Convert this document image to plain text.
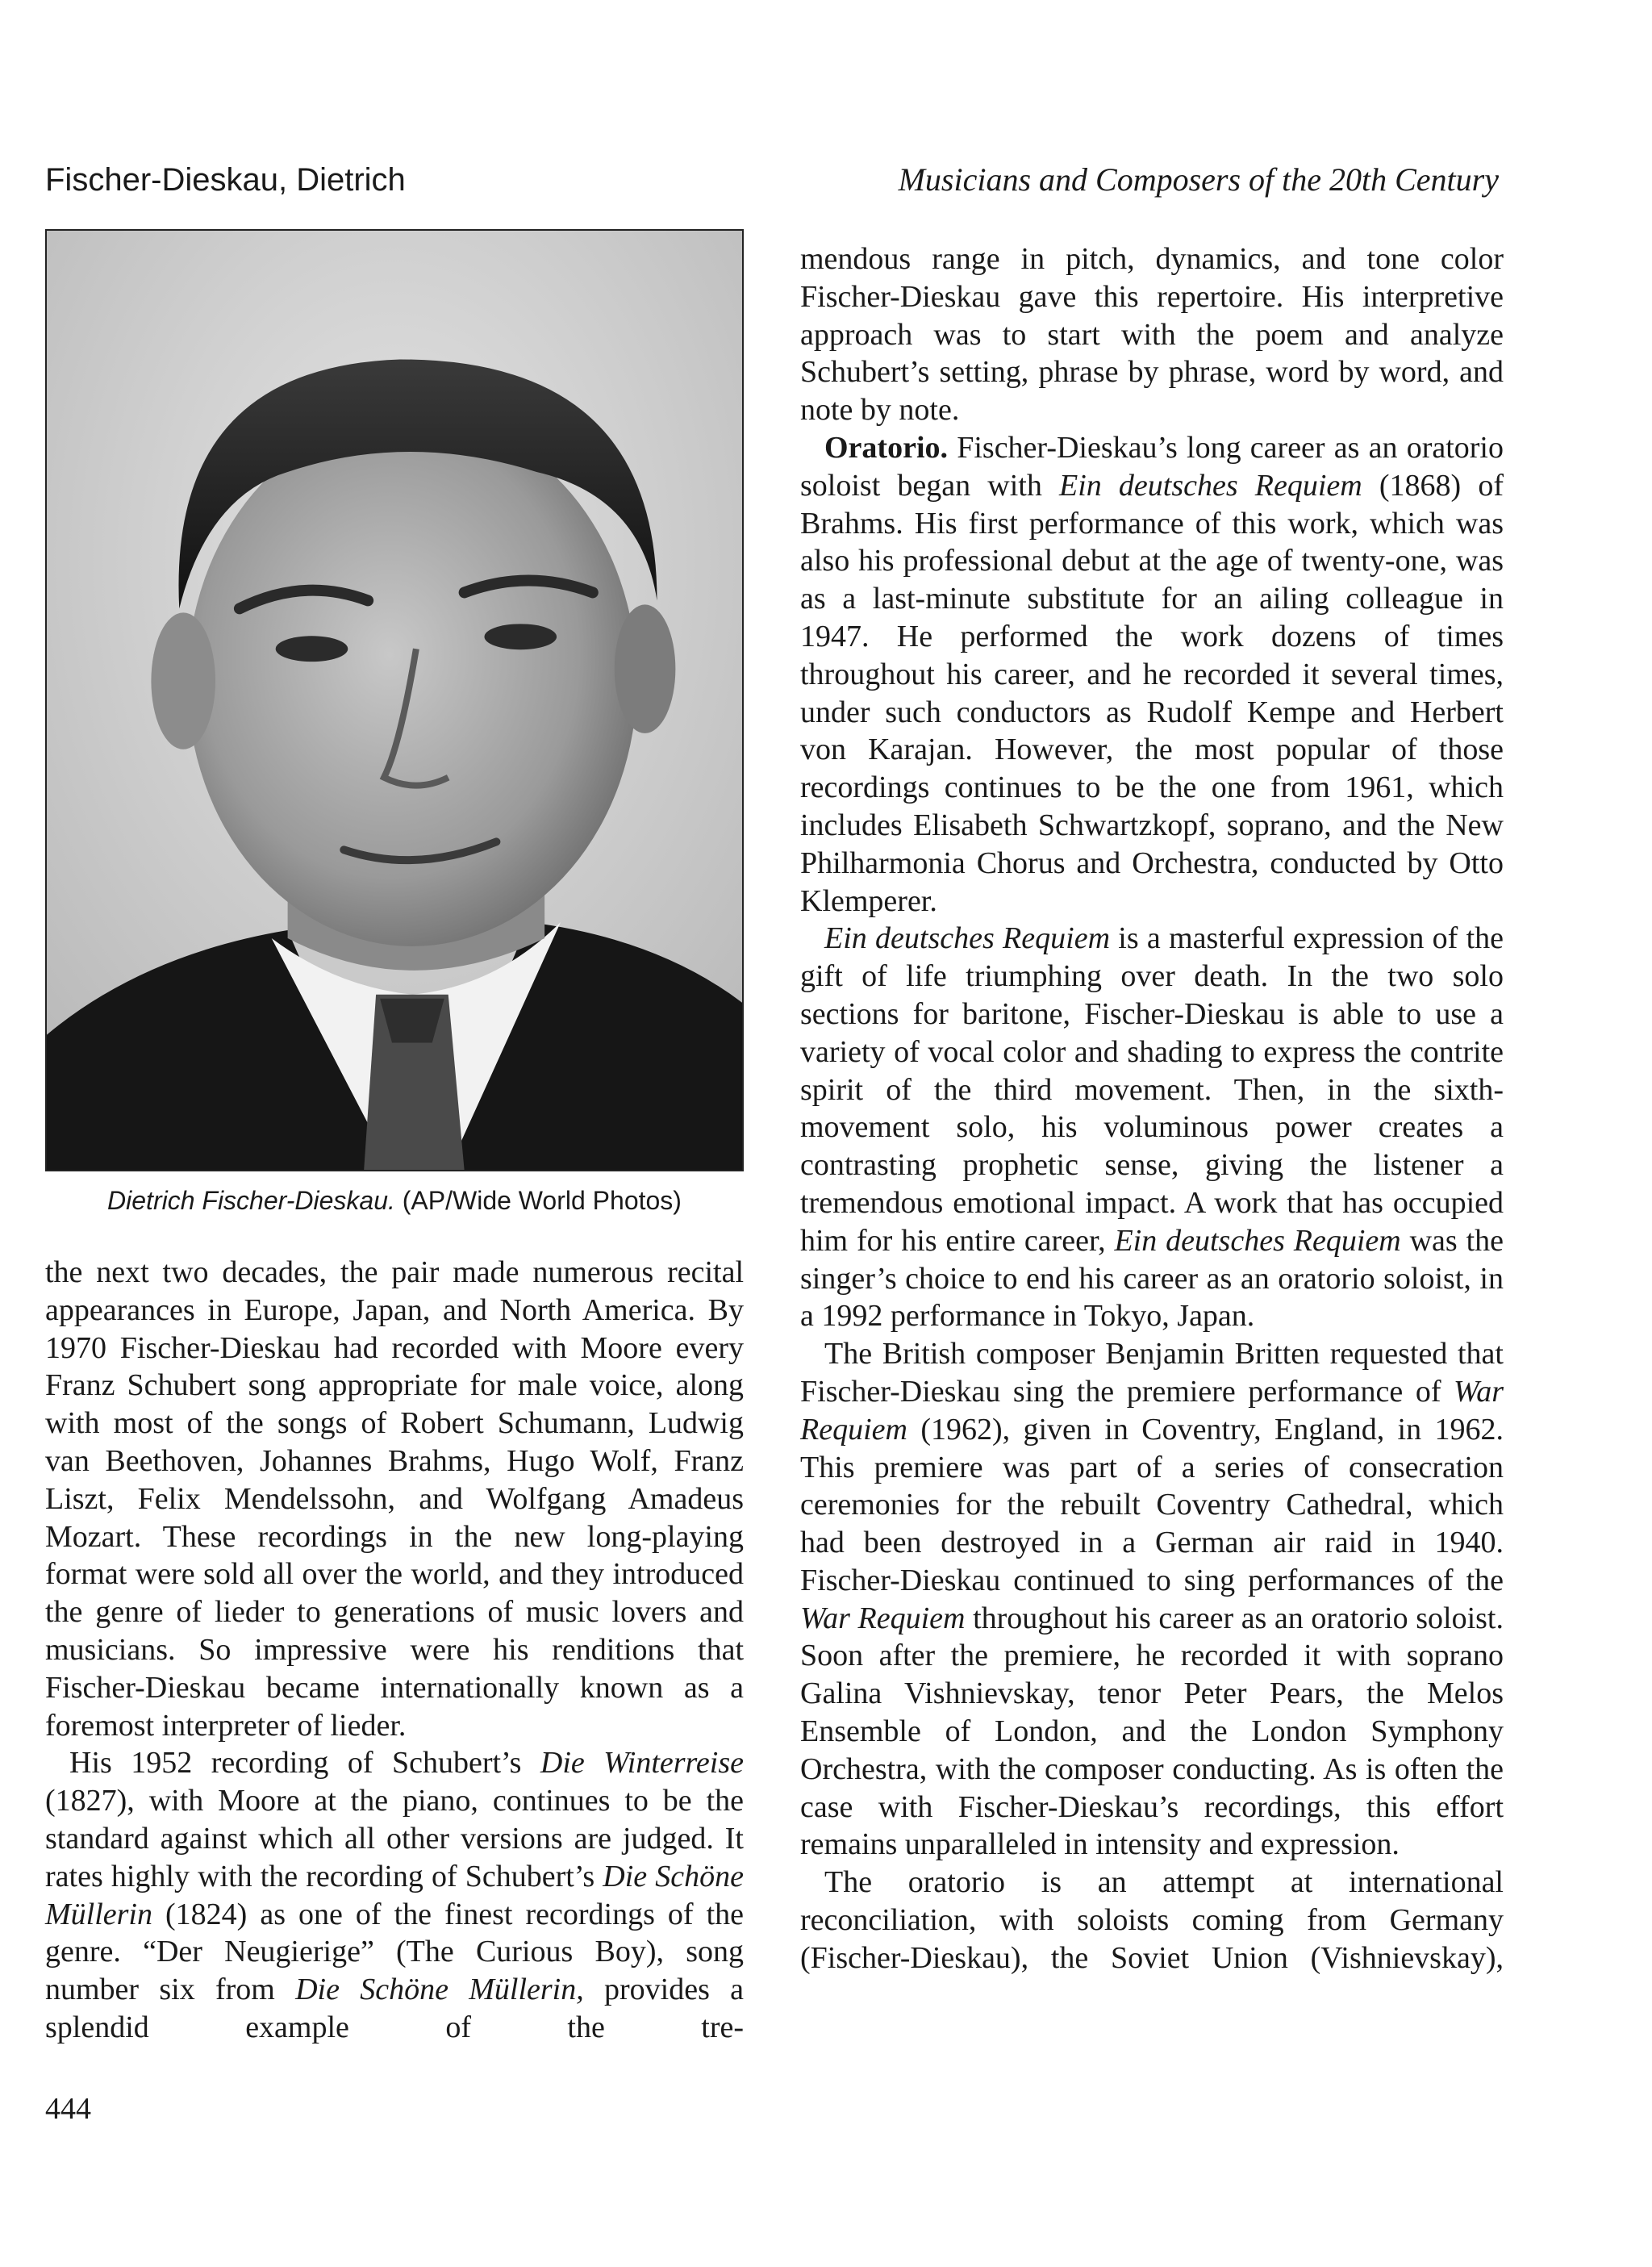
Fischer-Dieskau, Dietrich	Musicians and Composers of the 20th Century
Dietrich Fischer-Dieskau. (AP/Wide World Photos)

the next two decades, the pair made numerous recital appearances in Europe, Japan, and North America. By 1970 Fischer-Dieskau had recorded with Moore every Franz Schubert song appropriate for male voice, along with most of the songs of Robert Schumann, Ludwig van Beethoven, Johannes Brahms, Hugo Wolf, Franz Liszt, Felix Mendelssohn, and Wolfgang Amadeus Mozart. These recordings in the new long-playing format were sold all over the world, and they introduced the genre of lieder to generations of music lovers and musicians. So impressive were his renditions that Fischer-Dieskau became internationally known as a foremost interpreter of lieder.

His 1952 recording of Schubert’s Die Winterreise (1827), with Moore at the piano, continues to be the standard against which all other versions are judged. It rates highly with the recording of Schubert’s Die Schöne Müllerin (1824) as one of the finest recordings of the genre. “Der Neugierige” (The Curious Boy), song number six from Die Schöne Müllerin, provides a splendid example of the tre-

mendous range in pitch, dynamics, and tone color Fischer-Dieskau gave this repertoire. His interpretive approach was to start with the poem and analyze Schubert’s setting, phrase by phrase, word by word, and note by note.

Oratorio. Fischer-Dieskau’s long career as an oratorio soloist began with Ein deutsches Requiem (1868) of Brahms. His first performance of this work, which was also his professional debut at the age of twenty-one, was as a last-minute substitute for an ailing colleague in 1947. He performed the work dozens of times throughout his career, and he recorded it several times, under such conductors as Rudolf Kempe and Herbert von Karajan. However, the most popular of those recordings continues to be the one from 1961, which includes Elisabeth Schwartzkopf, soprano, and the New Philharmonia Chorus and Orchestra, conducted by Otto Klemperer.

Ein deutsches Requiem is a masterful expression of the gift of life triumphing over death. In the two solo sections for baritone, Fischer-Dieskau is able to use a variety of vocal color and shading to express the contrite spirit of the third movement. Then, in the sixth-movement solo, his voluminous power creates a contrasting prophetic sense, giving the listener a tremendous emotional impact. A work that has occupied him for his entire career, Ein deutsches Requiem was the singer’s choice to end his career as an oratorio soloist, in a 1992 performance in Tokyo, Japan.

The British composer Benjamin Britten requested that Fischer-Dieskau sing the premiere performance of War Requiem (1962), given in Coventry, England, in 1962. This premiere was part of a series of consecration ceremonies for the rebuilt Coventry Cathedral, which had been destroyed in a German air raid in 1940. Fischer-Dieskau continued to sing performances of the War Requiem throughout his career as an oratorio soloist. Soon after the premiere, he recorded it with soprano Galina Vishnievskay, tenor Peter Pears, the Melos Ensemble of London, and the London Symphony Orchestra, with the composer conducting. As is often the case with Fischer-Dieskau’s recordings, this effort remains unparalleled in intensity and expression.

The oratorio is an attempt at international reconciliation, with soloists coming from Germany (Fischer-Dieskau), the Soviet Union (Vishnievskay),

444
